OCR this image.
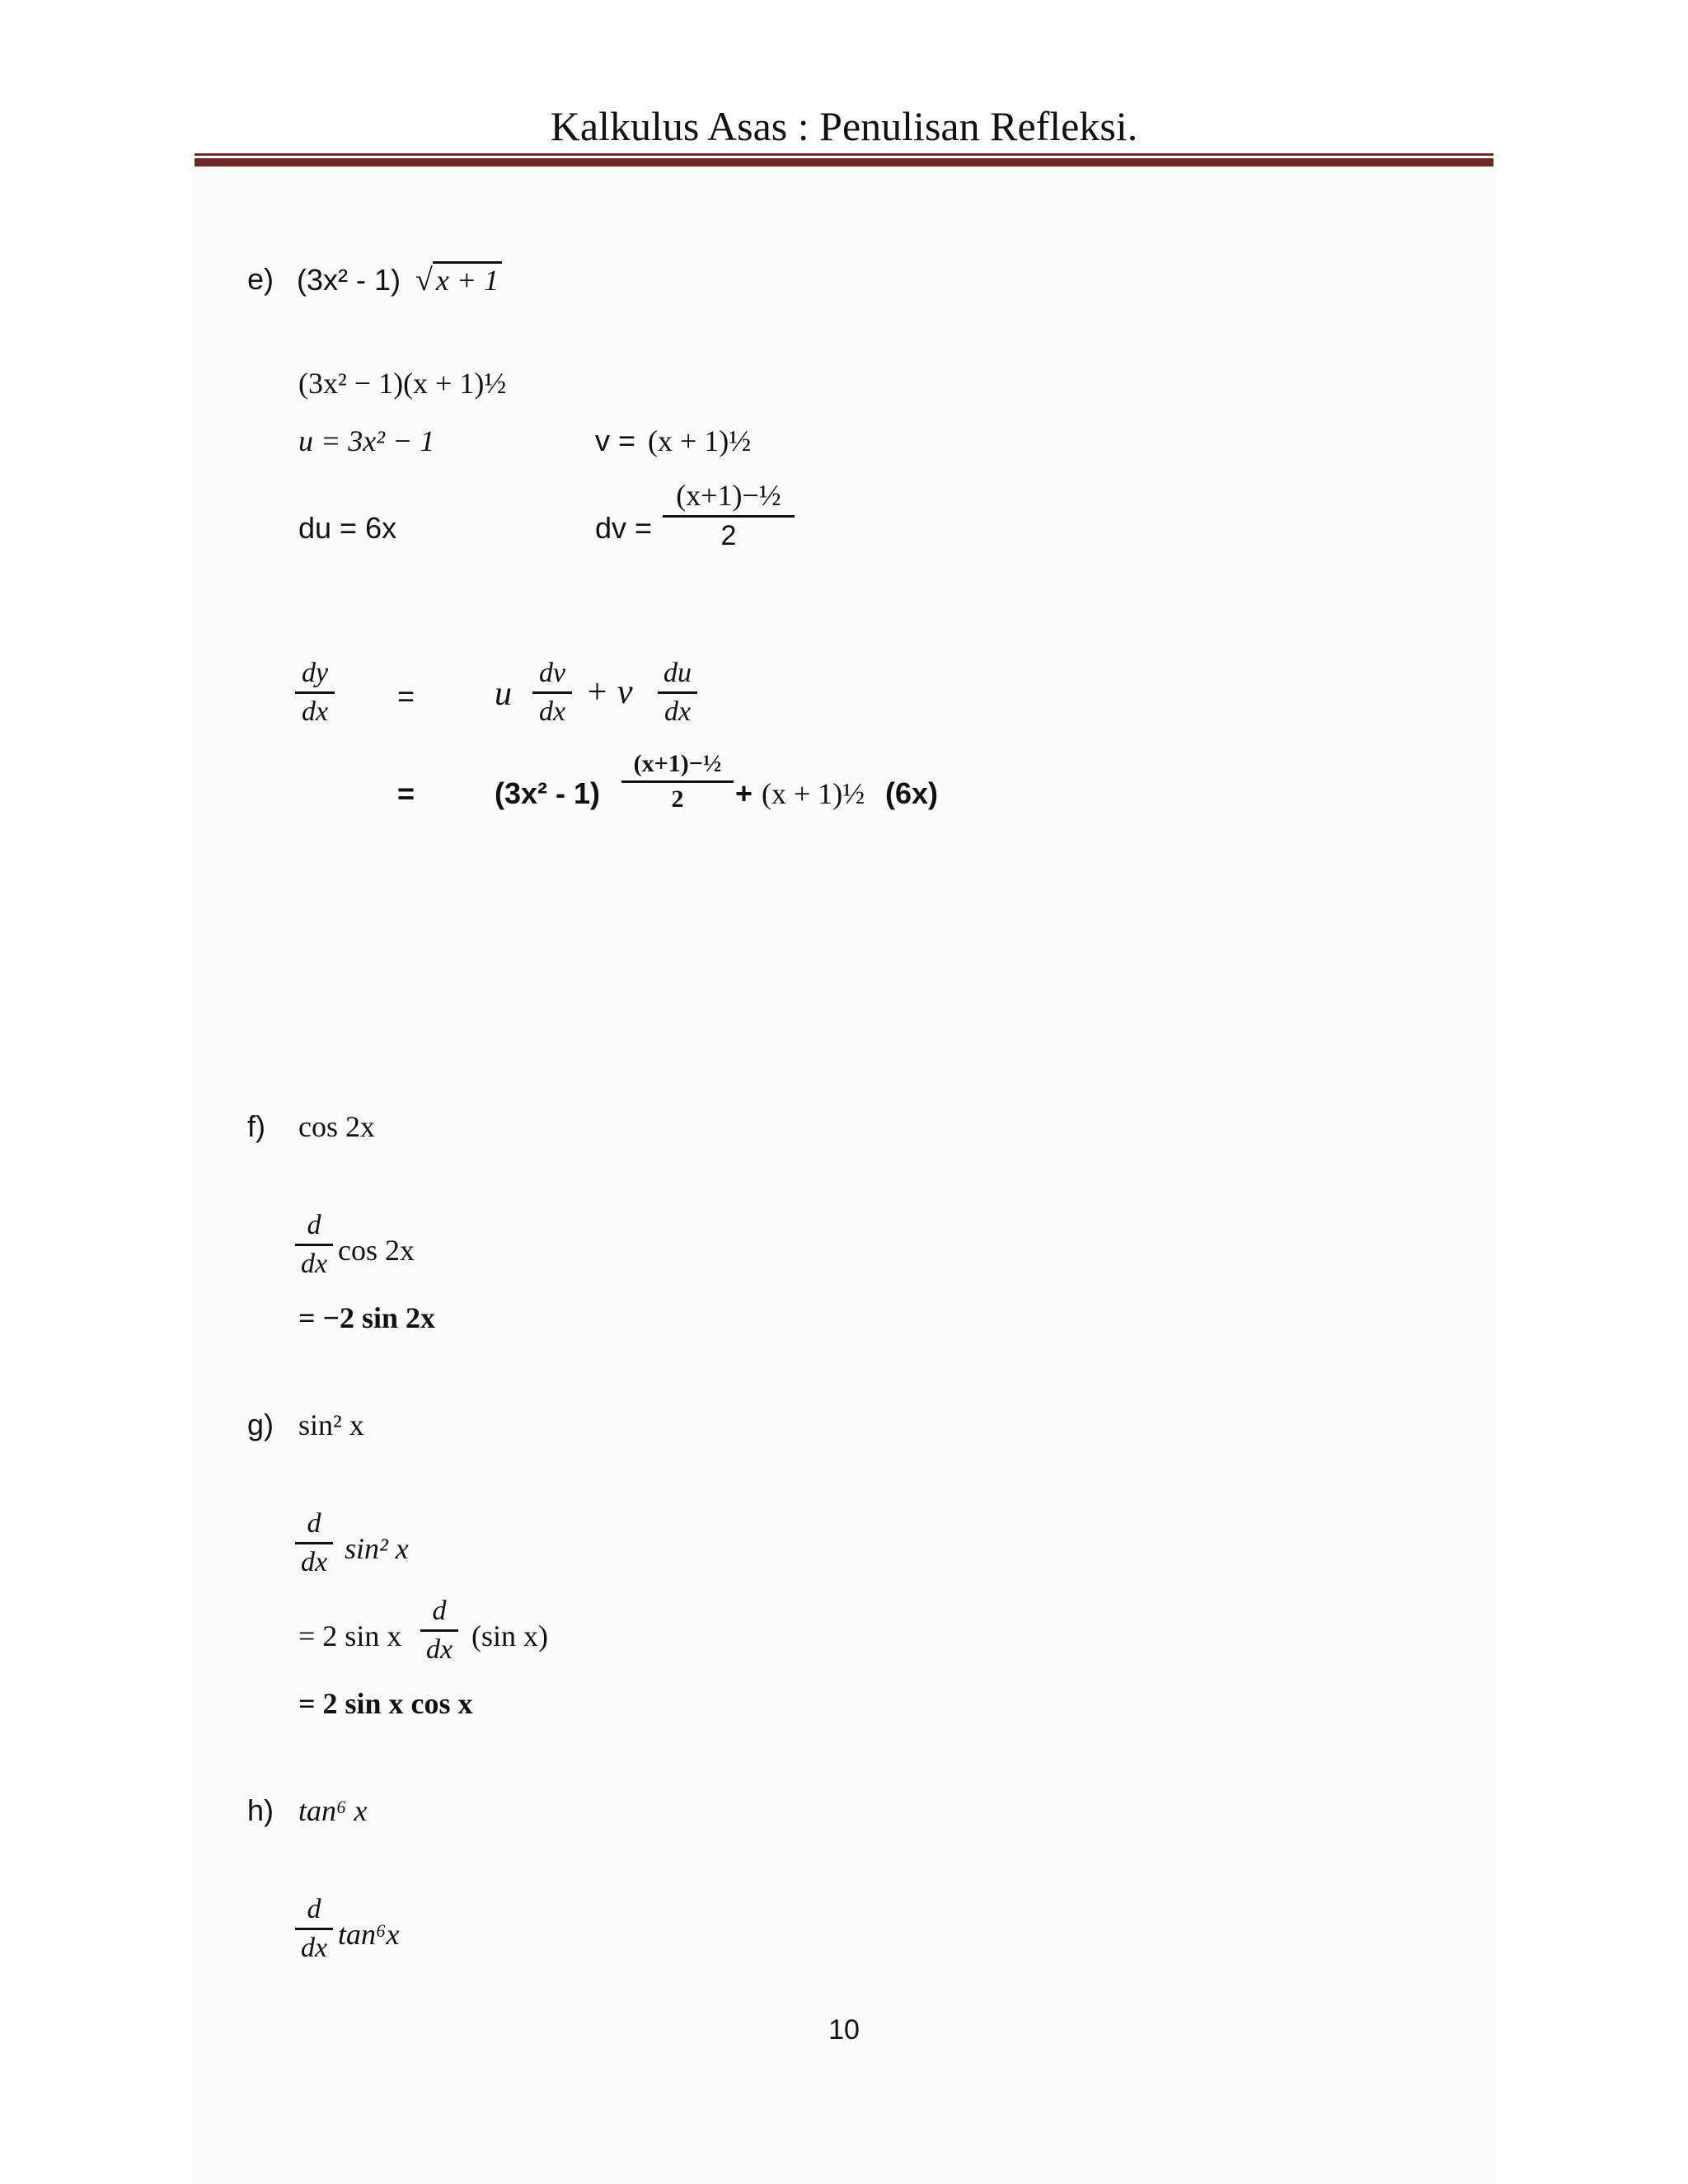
Kalkulus Asas : Penulisan Refleksi.
e) (3x² - 1) √ x + 1
(3x² − 1)(x + 1)½
u = 3x² − 1	v = (x + 1)½
du = 6x	dv =
(x+1)−½
2
dy
dx = u
dv
dx
+ v
du
dx
=	(3x² - 1)
(x+1)−½
2	+ (x + 1)½ (6x)
f) cos 2x
d
dx cos 2x
= −2 sin 2x
g) sin² x
d
dx sin² x
= 2 sin x
d
dx (sin x)
= 2 sin x cos x
h) tan⁶ x
d
dx tan⁶x
10
